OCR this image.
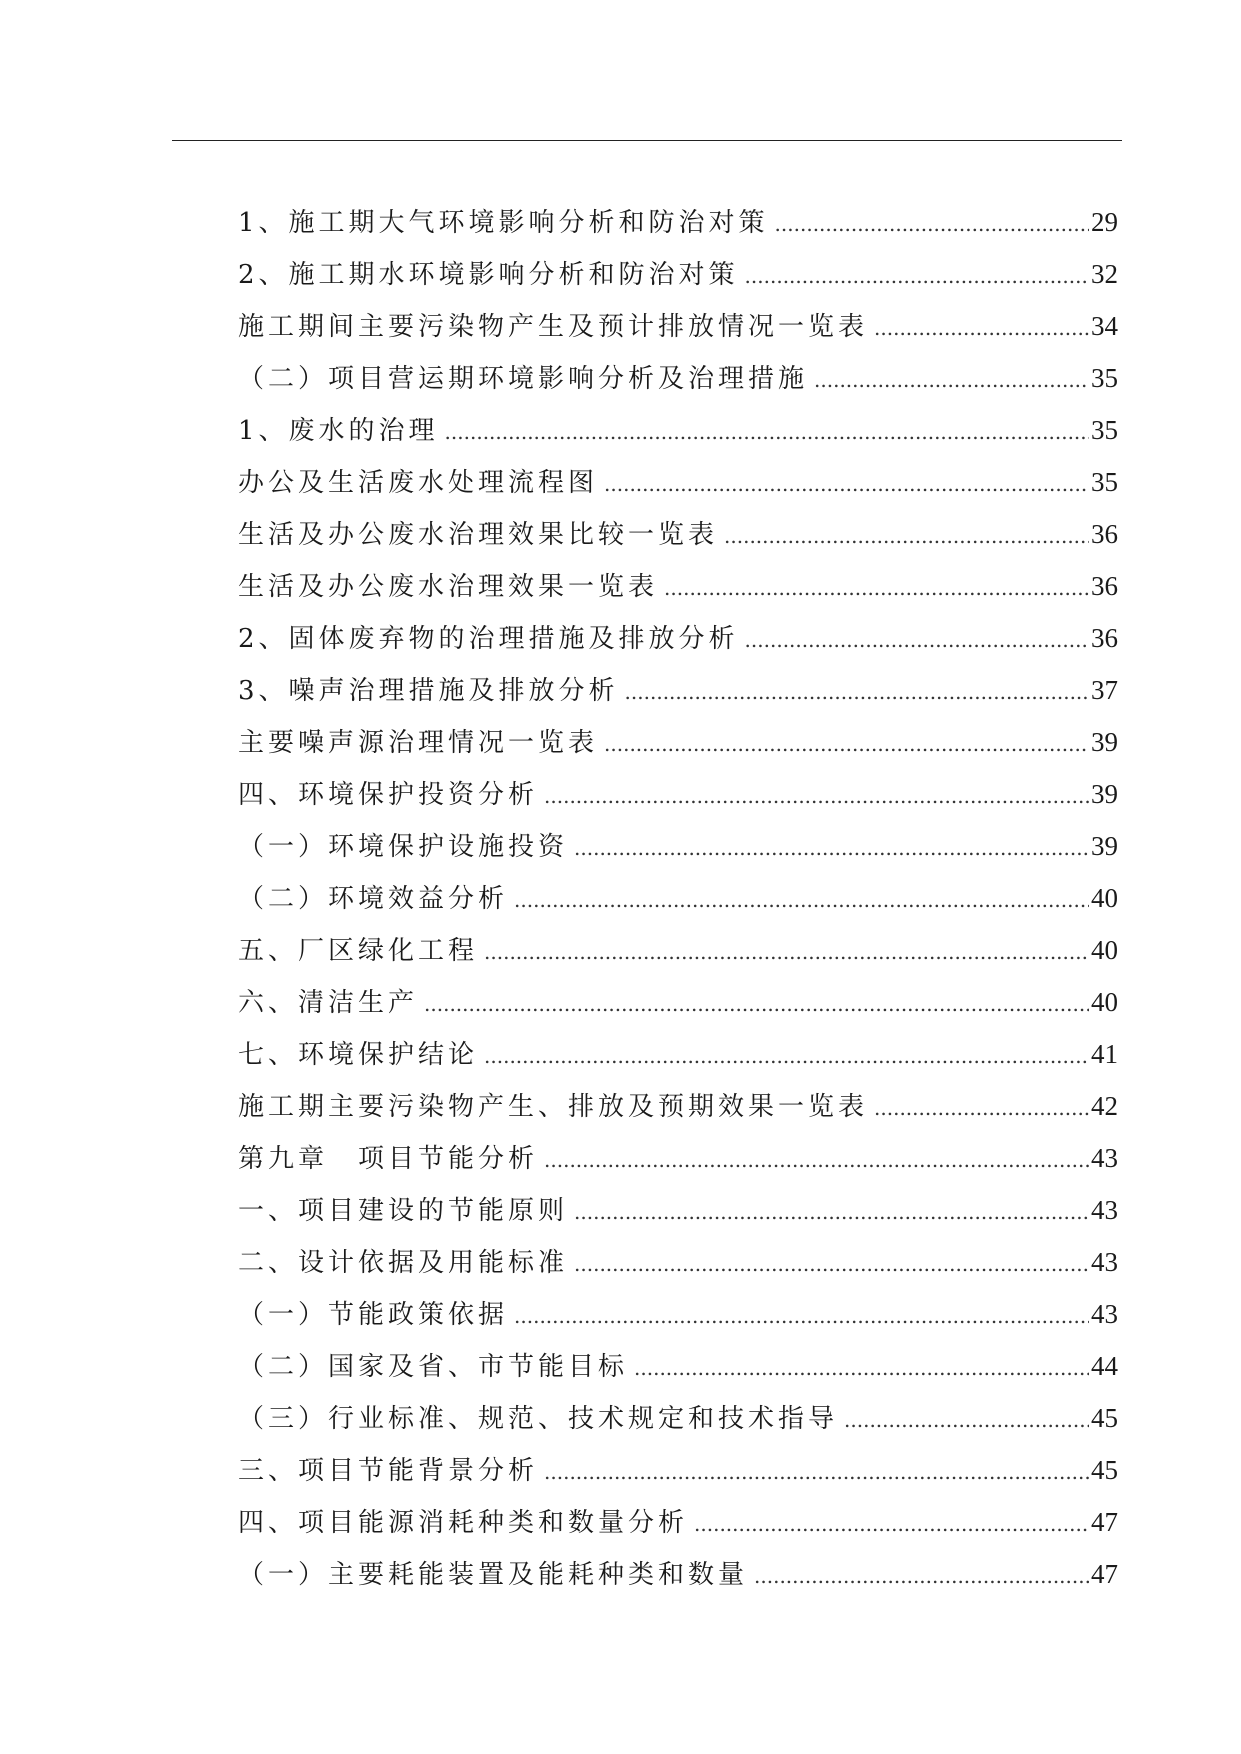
1、施工期大气环境影响分析和防治对策 .....	29
2、施工期水环境影响分析和防治对策 .....	32
施工期间主要污染物产生及预计排放情况一览表 .....	34
（二）项目营运期环境影响分析及治理措施 .....	35
1、废水的治理 .....	35
办公及生活废水处理流程图 .....	35
生活及办公废水治理效果比较一览表 .....	36
生活及办公废水治理效果一览表 .....	36
2、固体废弃物的治理措施及排放分析 .....	36
3、噪声治理措施及排放分析 .....	37
主要噪声源治理情况一览表 .....	39
四、环境保护投资分析 .....	39
（一）环境保护设施投资 .....	39
（二）环境效益分析 .....	40
五、厂区绿化工程 .....	40
六、清洁生产 .....	40
七、环境保护结论 .....	41
施工期主要污染物产生、排放及预期效果一览表 .....	42
第九章　项目节能分析 .....	43
一、项目建设的节能原则 .....	43
二、设计依据及用能标准 .....	43
（一）节能政策依据 .....	43
（二）国家及省、市节能目标 .....	44
（三）行业标准、规范、技术规定和技术指导 .....	45
三、项目节能背景分析 .....	45
四、项目能源消耗种类和数量分析 .....	47
（一）主要耗能装置及能耗种类和数量 .....	47
